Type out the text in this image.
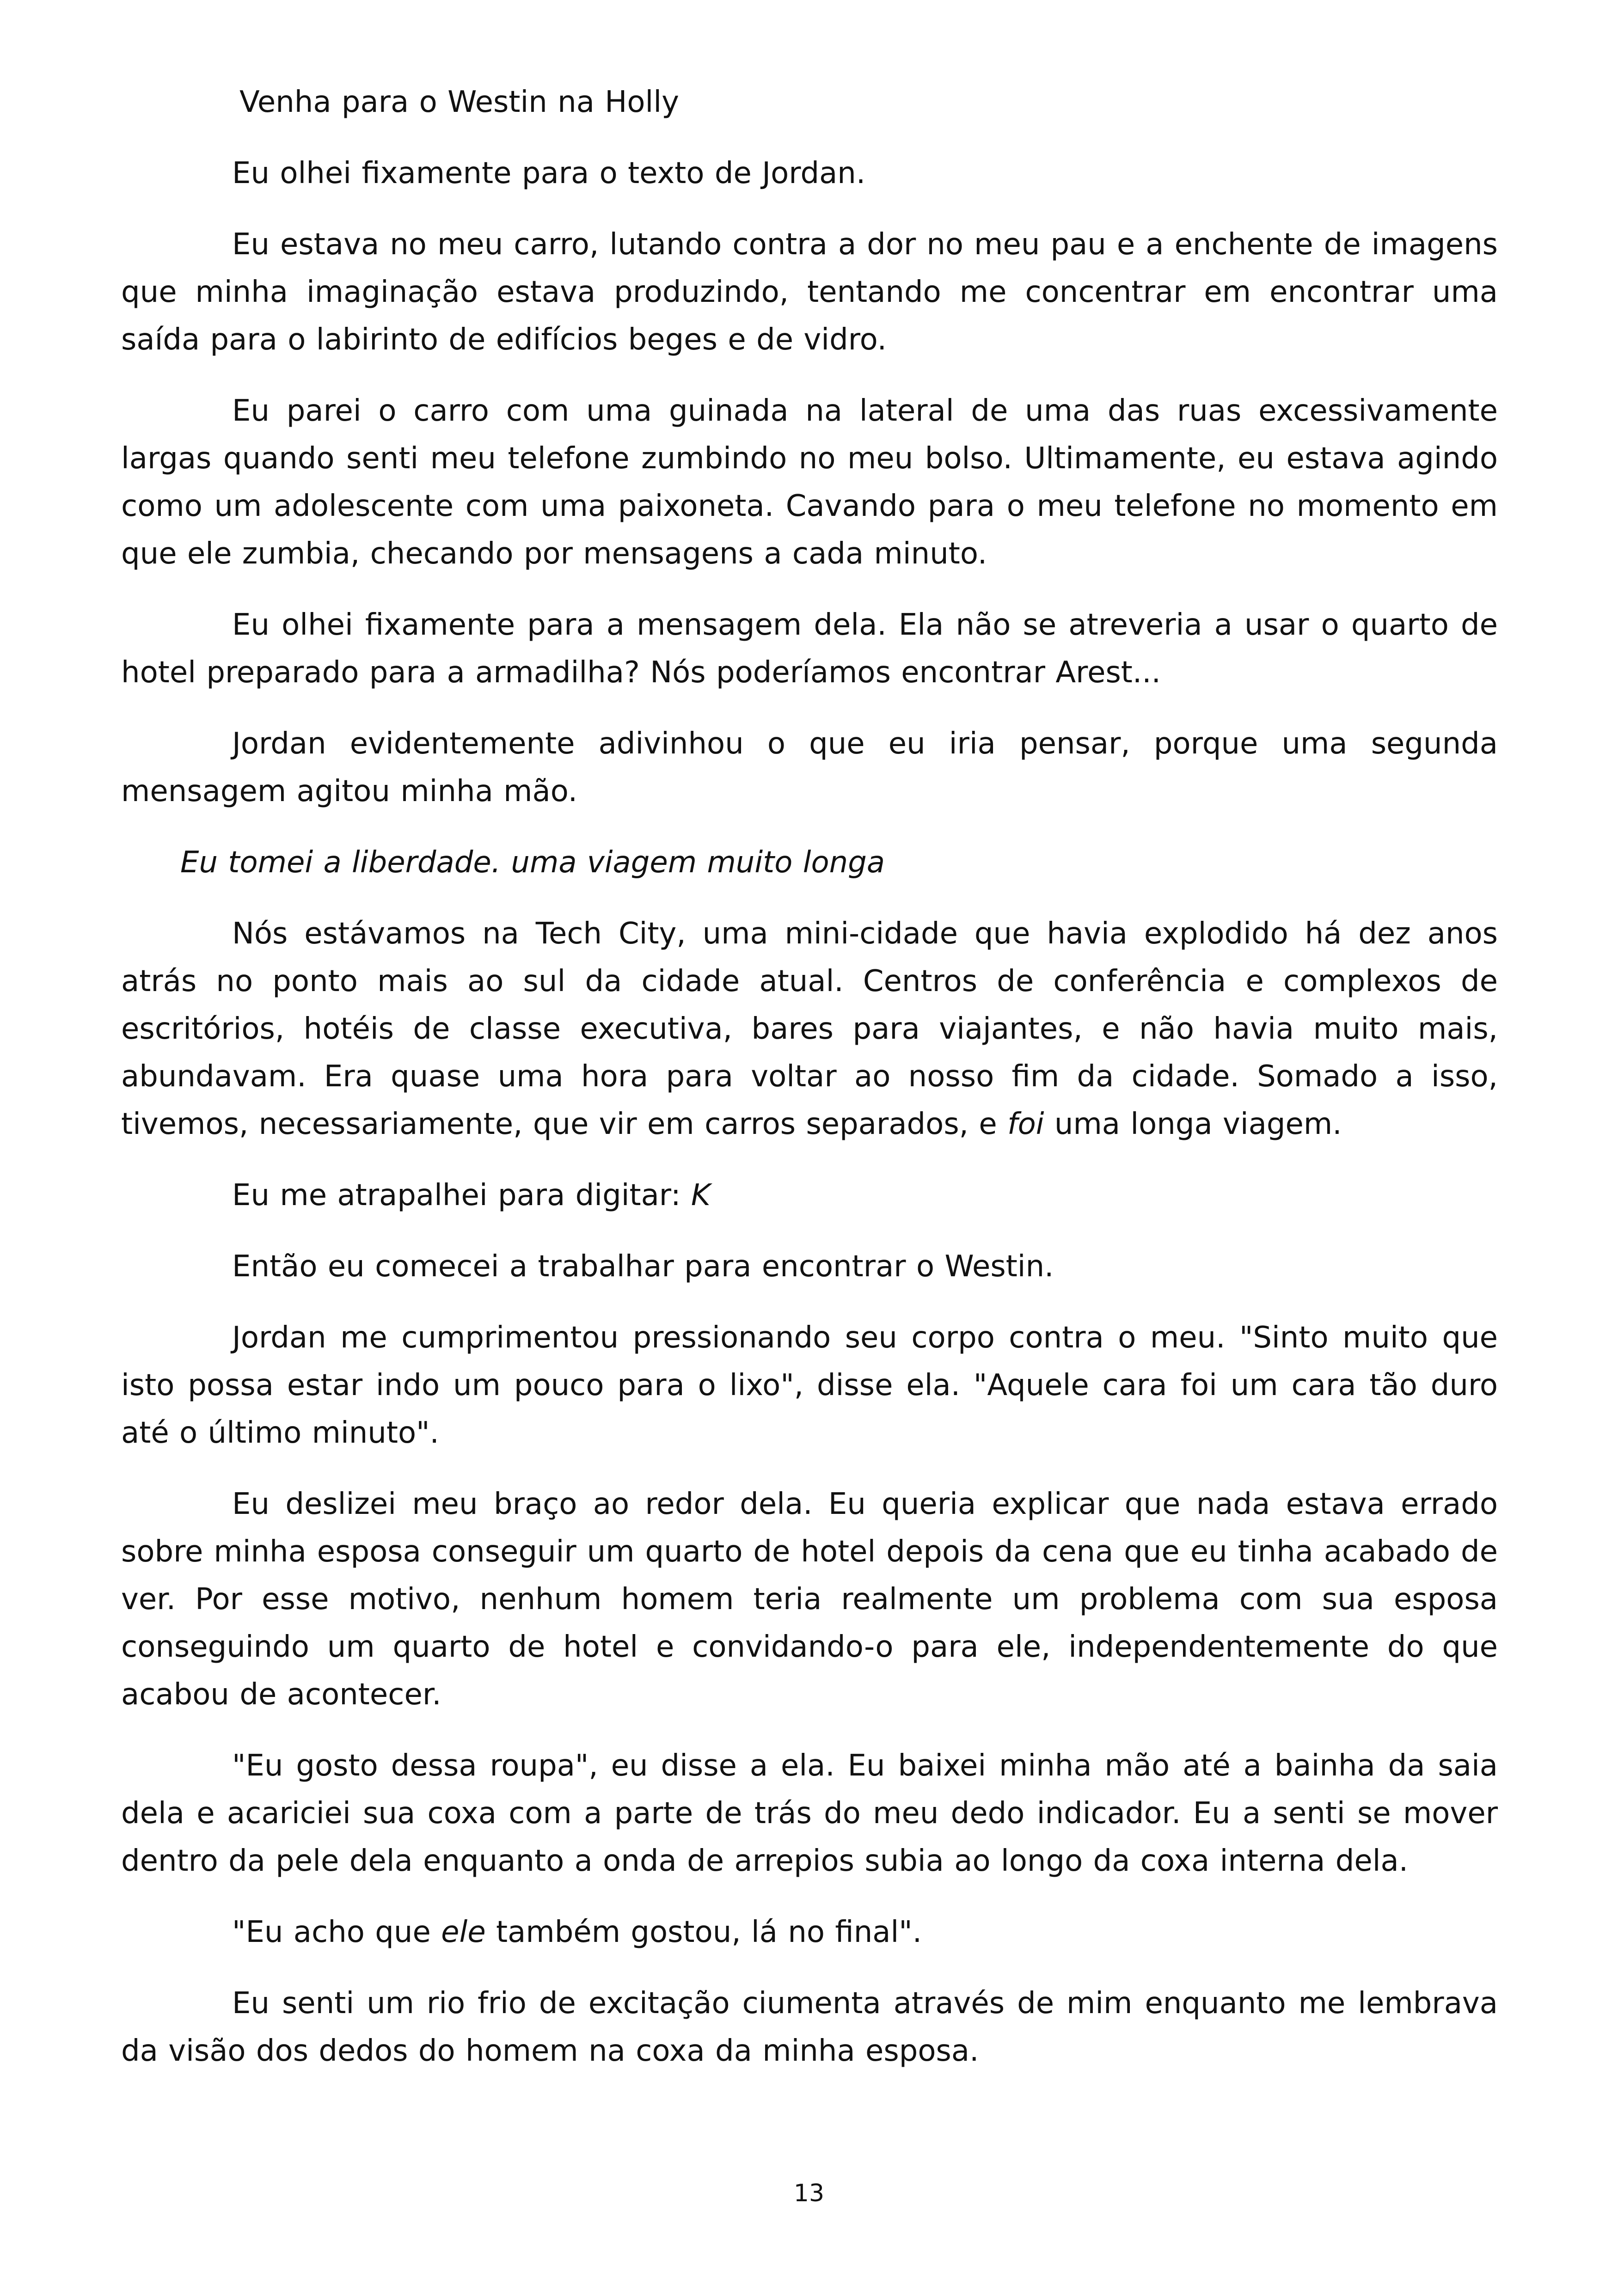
Venha para o Westin na Holly

Eu olhei fixamente para o texto de Jordan.

Eu estava no meu carro, lutando contra a dor no meu pau e a enchente de imagens que minha imaginação estava produzindo, tentando me concentrar em encontrar uma saída para o labirinto de edifícios beges e de vidro.

Eu parei o carro com uma guinada na lateral de uma das ruas excessivamente largas quando senti meu telefone zumbindo no meu bolso. Ultimamente, eu estava agindo como um adolescente com uma paixoneta. Cavando para o meu telefone no momento em que ele zumbia, checando por mensagens a cada minuto.

Eu olhei fixamente para a mensagem dela. Ela não se atreveria a usar o quarto de hotel preparado para a armadilha? Nós poderíamos encontrar Arest...

Jordan evidentemente adivinhou o que eu iria pensar, porque uma segunda mensagem agitou minha mão.

Eu tomei a liberdade. uma viagem muito longa

Nós estávamos na Tech City, uma mini-cidade que havia explodido há dez anos atrás no ponto mais ao sul da cidade atual. Centros de conferência e complexos de escritórios, hotéis de classe executiva, bares para viajantes, e não havia muito mais, abundavam. Era quase uma hora para voltar ao nosso fim da cidade. Somado a isso, tivemos, necessariamente, que vir em carros separados, e foi uma longa viagem.

Eu me atrapalhei para digitar: K

Então eu comecei a trabalhar para encontrar o Westin.

Jordan me cumprimentou pressionando seu corpo contra o meu. "Sinto muito que isto possa estar indo um pouco para o lixo", disse ela. "Aquele cara foi um cara tão duro até o último minuto".

Eu deslizei meu braço ao redor dela. Eu queria explicar que nada estava errado sobre minha esposa conseguir um quarto de hotel depois da cena que eu tinha acabado de ver. Por esse motivo, nenhum homem teria realmente um problema com sua esposa conseguindo um quarto de hotel e convidando-o para ele, independentemente do que acabou de acontecer.

"Eu gosto dessa roupa", eu disse a ela. Eu baixei minha mão até a bainha da saia dela e acariciei sua coxa com a parte de trás do meu dedo indicador. Eu a senti se mover dentro da pele dela enquanto a onda de arrepios subia ao longo da coxa interna dela.

"Eu acho que ele também gostou, lá no final".

Eu senti um rio frio de excitação ciumenta através de mim enquanto me lembrava da visão dos dedos do homem na coxa da minha esposa.

13
